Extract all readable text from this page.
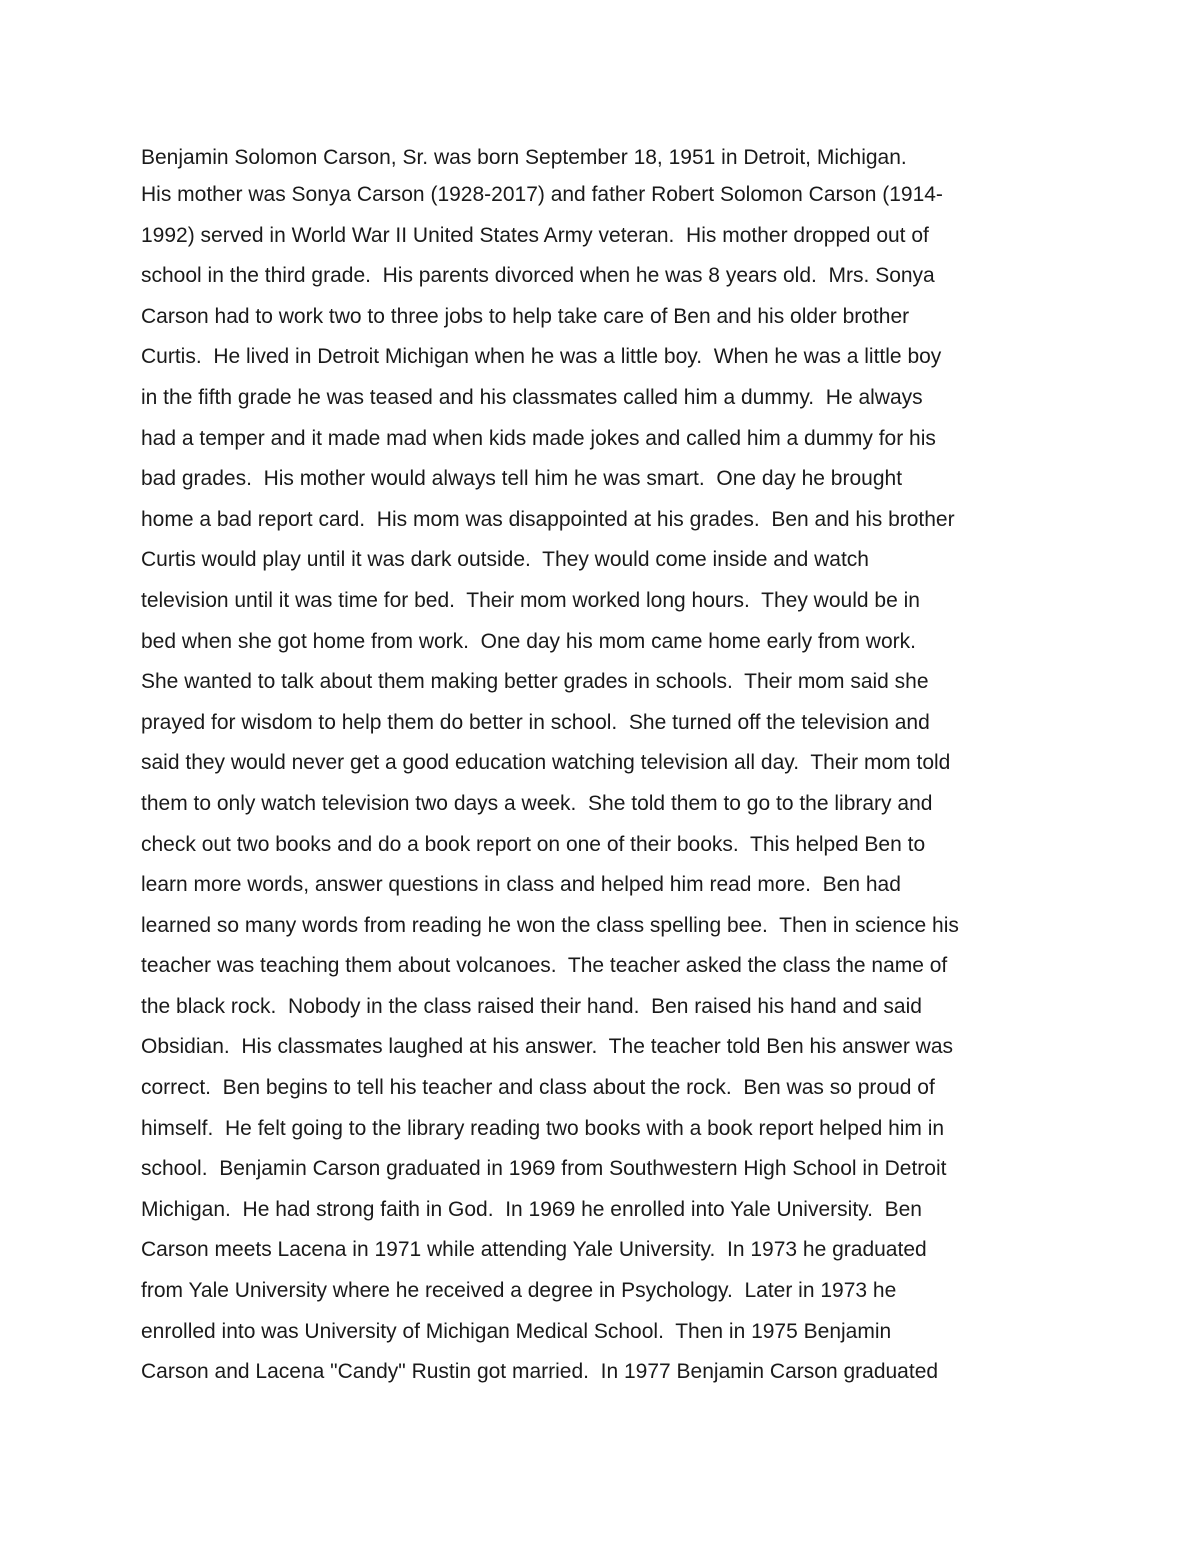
Benjamin Solomon Carson, Sr. was born September 18, 1951 in Detroit, Michigan.

His mother was Sonya Carson (1928-2017) and father Robert Solomon Carson (1914-

1992) served in World War II United States Army veteran.  His mother dropped out of

school in the third grade.  His parents divorced when he was 8 years old.  Mrs. Sonya

Carson had to work two to three jobs to help take care of Ben and his older brother

Curtis.  He lived in Detroit Michigan when he was a little boy.  When he was a little boy

in the fifth grade he was teased and his classmates called him a dummy.  He always

had a temper and it made mad when kids made jokes and called him a dummy for his

bad grades.  His mother would always tell him he was smart.  One day he brought

home a bad report card.  His mom was disappointed at his grades.  Ben and his brother

Curtis would play until it was dark outside.  They would come inside and watch

television until it was time for bed.  Their mom worked long hours.  They would be in

bed when she got home from work.  One day his mom came home early from work.

She wanted to talk about them making better grades in schools.  Their mom said she

prayed for wisdom to help them do better in school.  She turned off the television and

said they would never get a good education watching television all day.  Their mom told

them to only watch television two days a week.  She told them to go to the library and

check out two books and do a book report on one of their books.  This helped Ben to

learn more words, answer questions in class and helped him read more.  Ben had

learned so many words from reading he won the class spelling bee.  Then in science his

teacher was teaching them about volcanoes.  The teacher asked the class the name of

the black rock.  Nobody in the class raised their hand.  Ben raised his hand and said

Obsidian.  His classmates laughed at his answer.  The teacher told Ben his answer was

correct.  Ben begins to tell his teacher and class about the rock.  Ben was so proud of

himself.  He felt going to the library reading two books with a book report helped him in

school.  Benjamin Carson graduated in 1969 from Southwestern High School in Detroit

Michigan.  He had strong faith in God.  In 1969 he enrolled into Yale University.  Ben

Carson meets Lacena in 1971 while attending Yale University.  In 1973 he graduated

from Yale University where he received a degree in Psychology.  Later in 1973 he

enrolled into was University of Michigan Medical School.  Then in 1975 Benjamin

Carson and Lacena "Candy" Rustin got married.  In 1977 Benjamin Carson graduated
